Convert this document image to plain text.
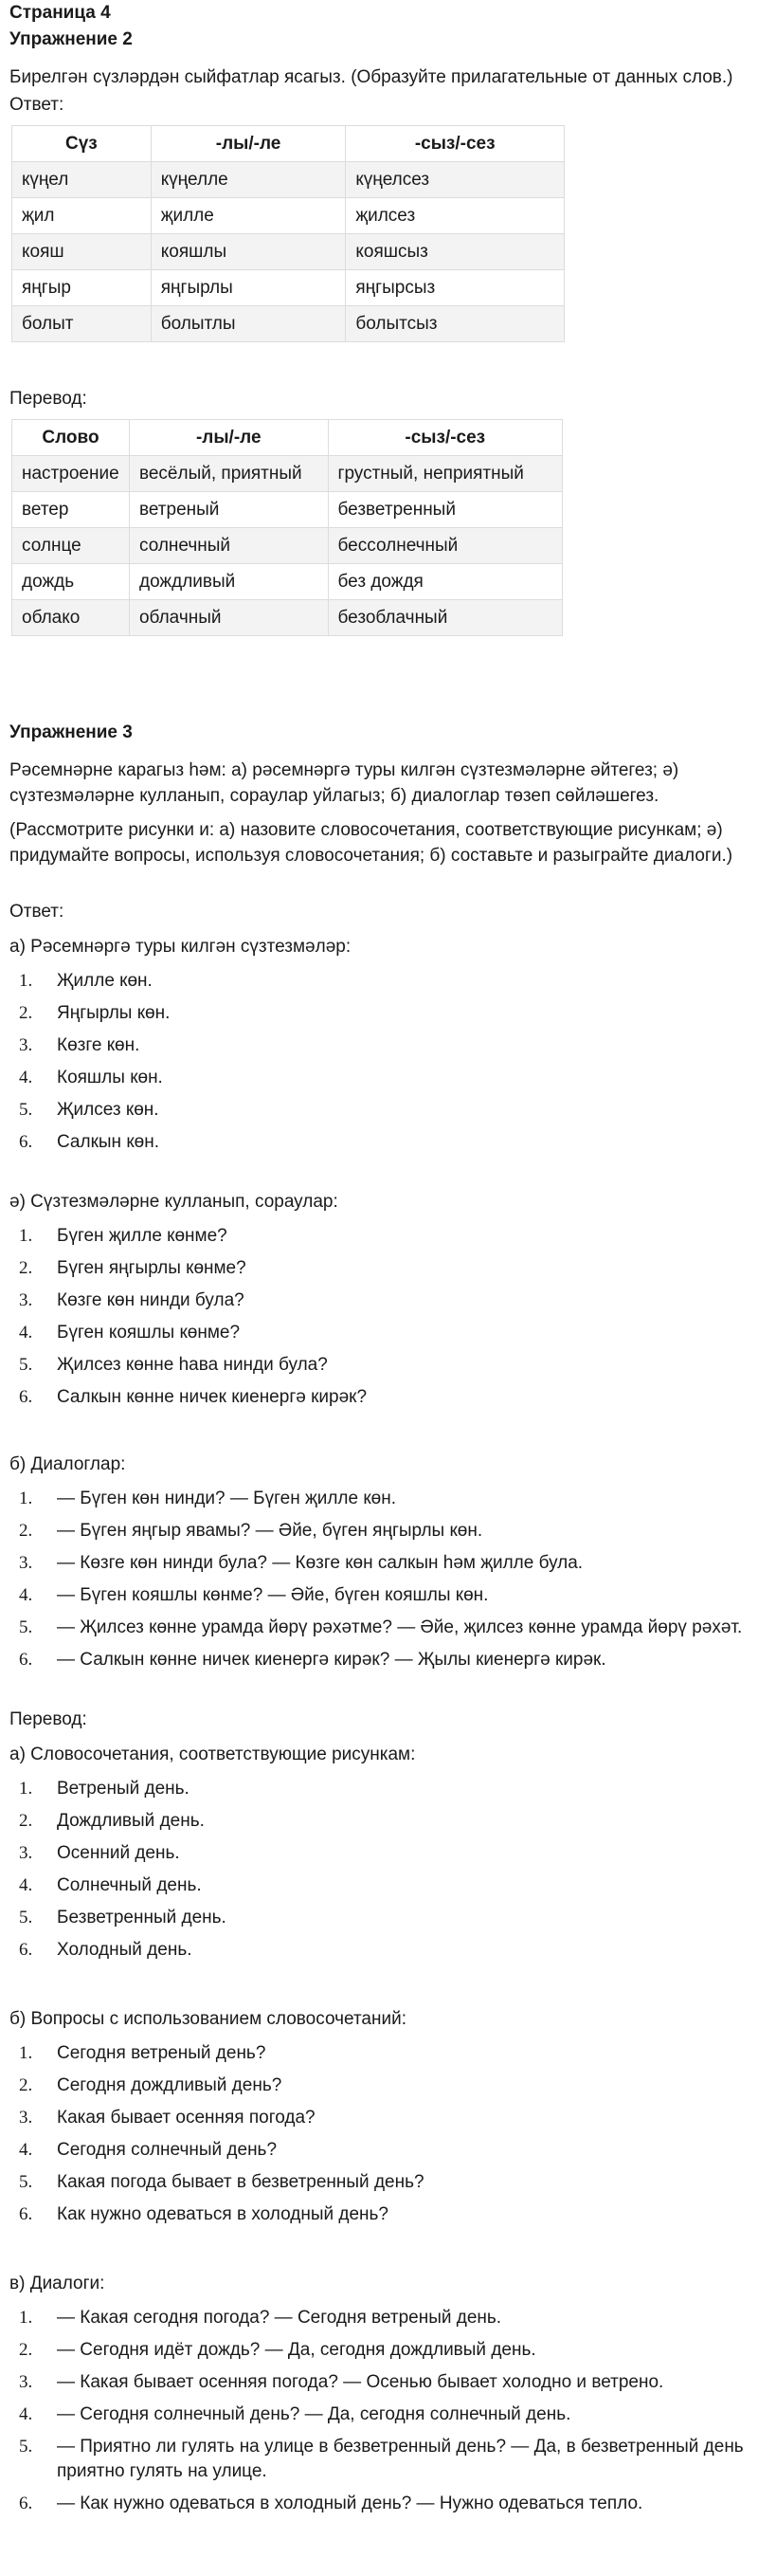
Страница 4
Упражнение 2

Бирелгән сүзләрдән сыйфатлар ясагыз. (Образуйте прилагательные от данных слов.)

Ответ:

Сүз	-лы/-ле	-сыз/-сез
күңел	күңелле	күңелсез
җил	җилле	җилсез
кояш	кояшлы	кояшсыз
яңгыр	яңгырлы	яңгырсыз
болыт	болытлы	болытсыз

Перевод:

Слово	-лы/-ле	-сыз/-сез
настроение	весёлый, приятный	грустный, неприятный
ветер	ветреный	безветренный
солнце	солнечный	бессолнечный
дождь	дождливый	без дождя
облако	облачный	безоблачный
Упражнение 3

Рәсемнәрне карагыз һәм: а) рәсемнәргә туры килгән сүзтезмәләрне әйтегез; ә) сүзтезмәләрне кулланып, сораулар уйлагыз; б) диалоглар төзеп сөйләшегез.

(Рассмотрите рисунки и: а) назовите словосочетания, соответствующие рисункам; ә) придумайте вопросы, используя словосочетания; б) составьте и разыграйте диалоги.)

Ответ:

а) Рәсемнәргә туры килгән сүзтезмәләр:

1. Җилле көн.
2. Яңгырлы көн.
3. Көзге көн.
4. Кояшлы көн.
5. Җилсез көн.
6. Салкын көн.

ә) Сүзтезмәләрне кулланып, сораулар:

1. Бүген җилле көнме?
2. Бүген яңгырлы көнме?
3. Көзге көн нинди була?
4. Бүген кояшлы көнме?
5. Җилсез көнне һава нинди була?
6. Салкын көнне ничек киенергә кирәк?

б) Диалоглар:

1. — Бүген көн нинди? — Бүген җилле көн.
2. — Бүген яңгыр явамы? — Әйе, бүген яңгырлы көн.
3. — Көзге көн нинди була? — Көзге көн салкын һәм җилле була.
4. — Бүген кояшлы көнме? — Әйе, бүген кояшлы көн.
5. — Җилсез көнне урамда йөрү рәхәтме? — Әйе, җилсез көнне урамда йөрү рәхәт.
6. — Салкын көнне ничек киенергә кирәк? — Җылы киенергә кирәк.

Перевод:

а) Словосочетания, соответствующие рисункам:

1. Ветреный день.
2. Дождливый день.
3. Осенний день.
4. Солнечный день.
5. Безветренный день.
6. Холодный день.

б) Вопросы с использованием словосочетаний:

1. Сегодня ветреный день?
2. Сегодня дождливый день?
3. Какая бывает осенняя погода?
4. Сегодня солнечный день?
5. Какая погода бывает в безветренный день?
6. Как нужно одеваться в холодный день?

в) Диалоги:

1. — Какая сегодня погода? — Сегодня ветреный день.
2. — Сегодня идёт дождь? — Да, сегодня дождливый день.
3. — Какая бывает осенняя погода? — Осенью бывает холодно и ветрено.
4. — Сегодня солнечный день? — Да, сегодня солнечный день.
5. — Приятно ли гулять на улице в безветренный день? — Да, в безветренный день приятно гулять на улице.
6. — Как нужно одеваться в холодный день? — Нужно одеваться тепло.
